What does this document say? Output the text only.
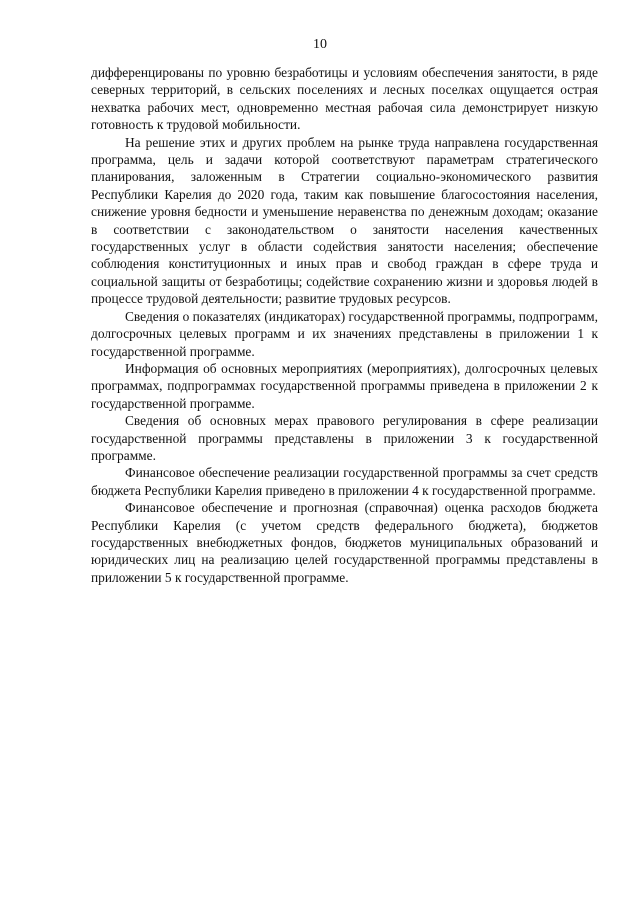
10

дифференцированы по уровню безработицы и условиям обеспечения занятости, в ряде северных территорий, в сельских поселениях и лесных поселках ощущается острая нехватка рабочих мест, одновременно местная рабочая сила демонстрирует низкую готовность к трудовой мобильности.

На решение этих и других проблем на рынке труда направлена государственная программа, цель и задачи которой соответствуют параметрам стратегического планирования, заложенным в Стратегии социально-экономического развития Республики Карелия до 2020 года, таким как повышение благосостояния населения, снижение уровня бедности и уменьшение неравенства по денежным доходам; оказание в соответствии с законодательством о занятости населения качественных государственных услуг в области содействия занятости населения; обеспечение соблюдения конституционных и иных прав и свобод граждан в сфере труда и социальной защиты от безработицы; содействие сохранению жизни и здоровья людей в процессе трудовой деятельности; развитие трудовых ресурсов.

Сведения о показателях (индикаторах) государственной программы, подпрограмм, долгосрочных целевых программ и их значениях представлены в приложении 1 к государственной программе.

Информация об основных мероприятиях (мероприятиях), долгосрочных целевых программах, подпрограммах государственной программы приведена в приложении 2 к государственной программе.

Сведения об основных мерах правового регулирования в сфере реализации государственной программы представлены в приложении 3 к государственной программе.

Финансовое обеспечение реализации государственной программы за счет средств бюджета Республики Карелия приведено в приложении 4 к государственной программе.

Финансовое обеспечение и прогнозная (справочная) оценка расходов бюджета Республики Карелия (с учетом средств федерального бюджета), бюджетов государственных внебюджетных фондов, бюджетов муниципальных образований и юридических лиц на реализацию целей государственной программы представлены в приложении 5 к государственной программе.
